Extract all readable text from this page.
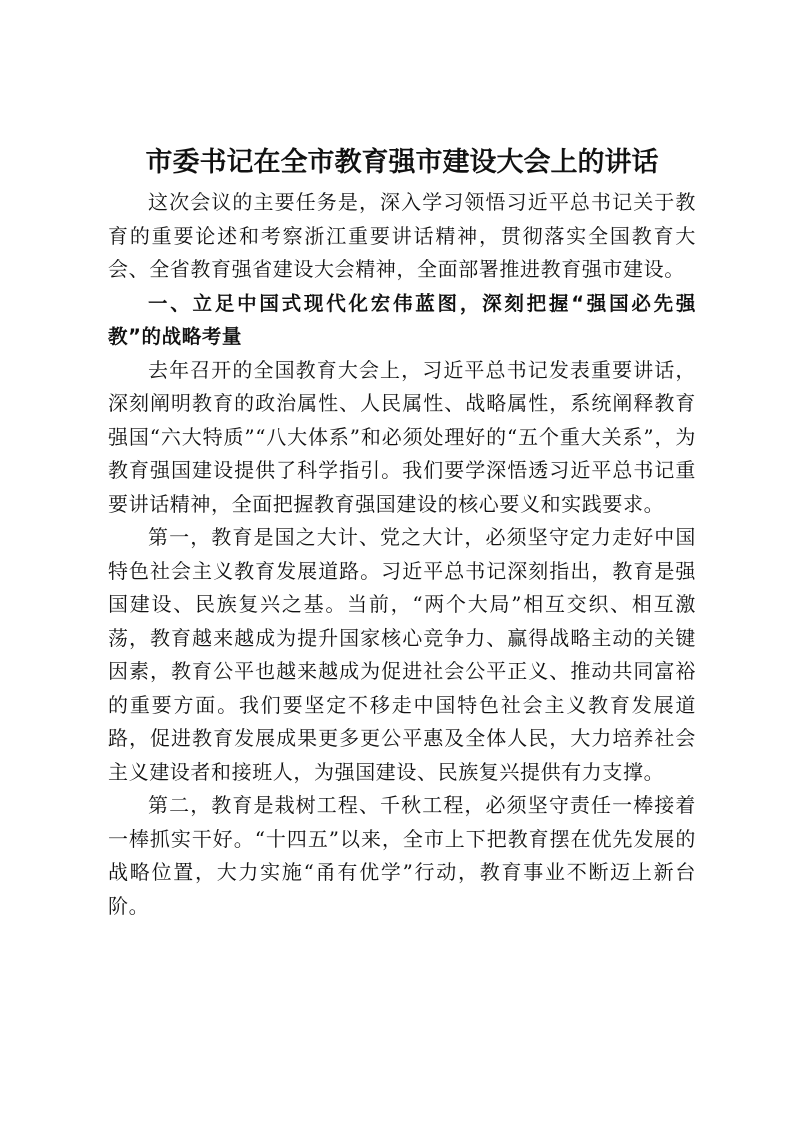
市委书记在全市教育强市建设大会上的讲话

这次会议的主要任务是，深入学习领悟习近平总书记关于教育的重要论述和考察浙江重要讲话精神，贯彻落实全国教育大会、全省教育强省建设大会精神，全面部署推进教育强市建设。

一、立足中国式现代化宏伟蓝图，深刻把握“强国必先强教”的战略考量

去年召开的全国教育大会上，习近平总书记发表重要讲话，深刻阐明教育的政治属性、人民属性、战略属性，系统阐释教育强国“六大特质”“八大体系”和必须处理好的“五个重大关系”，为教育强国建设提供了科学指引。我们要学深悟透习近平总书记重要讲话精神，全面把握教育强国建设的核心要义和实践要求。

第一，教育是国之大计、党之大计，必须坚守定力走好中国特色社会主义教育发展道路。习近平总书记深刻指出，教育是强国建设、民族复兴之基。当前，“两个大局”相互交织、相互激荡，教育越来越成为提升国家核心竞争力、赢得战略主动的关键因素，教育公平也越来越成为促进社会公平正义、推动共同富裕的重要方面。我们要坚定不移走中国特色社会主义教育发展道路，促进教育发展成果更多更公平惠及全体人民，大力培养社会主义建设者和接班人，为强国建设、民族复兴提供有力支撑。

第二，教育是栽树工程、千秋工程，必须坚守责任一棒接着一棒抓实干好。“十四五”以来，全市上下把教育摆在优先发展的战略位置，大力实施“甬有优学”行动，教育事业不断迈上新台阶。
